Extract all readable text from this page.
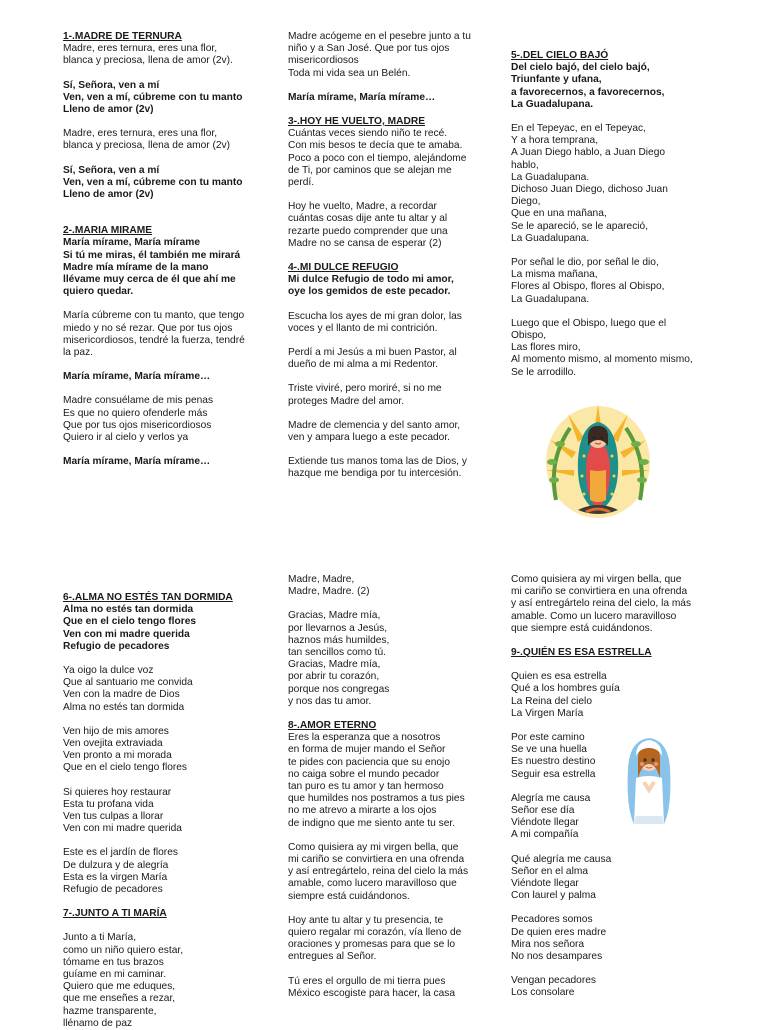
1-.MADRE DE TERNURA
Madre, eres ternura, eres una flor,
blanca y preciosa, llena de amor (2v).
Sí, Señora, ven a mí
Ven, ven a mí, cúbreme con tu manto
Lleno de amor (2v)
Madre, eres ternura, eres una flor,
blanca y preciosa, llena de amor (2v)
Sí, Señora, ven a mí
Ven, ven a mí, cúbreme con tu manto
Lleno de amor (2v)
2-.MARIA MIRAME
María mírame, María mírame
Si tú me miras, él también me mirará
Madre mía mírame de la mano
llévame muy cerca de él que ahí me
quiero quedar.
María cúbreme con tu manto, que tengo
miedo y no sé rezar. Que por tus ojos
misericordiosos, tendré la fuerza, tendré
la paz.
María mírame, María mírame…
Madre consuélame de mis penas
Es que no quiero ofenderle más
Que por tus ojos misericordiosos
Quiero ir al cielo y verlos ya
María mírame, María mírame…
Madre acógeme en el pesebre junto a tu
niño y a San José. Que por tus ojos
misericordiosos
Toda mi vida sea un Belén.
María mírame, María mírame…
3-.HOY HE VUELTO, MADRE
Cuántas veces siendo niño te recé.
Con mis besos te decía que te amaba.
Poco a poco con el tiempo, alejándome
de Ti, por caminos que se alejan me
perdí.
Hoy he vuelto, Madre, a recordar
cuántas cosas dije ante tu altar y al
rezarte puedo comprender que una
Madre no se cansa de esperar (2)
4-.MI DULCE REFUGIO
Mi dulce Refugio de todo mi amor,
oye los gemidos de este pecador.
Escucha los ayes de mi gran dolor, las
voces y el llanto de mi contrición.
Perdí a mi Jesús a mi buen Pastor, al
dueño de mi alma a mi Redentor.
Triste viviré, pero moriré, si no me
proteges Madre del amor.
Madre de clemencia y del santo amor,
ven y ampara luego a este pecador.
Extiende tus manos toma las de Dios, y
hazque me bendiga por tu intercesión.
5-.DEL CIELO BAJÓ
Del cielo bajó, del cielo bajó,
Triunfante y ufana,
a favorecernos, a favorecernos,
La Guadalupana.
En el Tepeyac, en el Tepeyac,
Y a hora temprana,
A Juan Diego hablo, a Juan Diego
hablo,
La Guadalupana.
Dichoso Juan Diego, dichoso Juan
Diego,
Que en una mañana,
Se le apareció, se le apareció,
La Guadalupana.
Por señal le dio, por señal le dio,
La misma mañana,
Flores al Obispo, flores al Obispo,
La Guadalupana.
Luego que el Obispo, luego que el
Obispo,
Las flores miro,
Al momento mismo, al momento mismo,
Se le arrodillo.
6-.ALMA NO ESTÉS TAN DORMIDA
Alma no estés tan dormida
Que en el cielo tengo flores
Ven con mi madre querida
Refugio de pecadores
Ya oigo la dulce voz
Que al santuario me convida
Ven con la madre de Dios
Alma no estés tan dormida
Ven hijo de mis amores
Ven ovejita extraviada
Ven pronto a mi morada
Que en el cielo tengo flores
Si quieres hoy restaurar
Esta tu profana vida
Ven tus culpas a llorar
Ven con mi madre querida
Este es el jardín de flores
De dulzura y de alegría
Esta es la virgen María
Refugio de pecadores
7-.JUNTO A TI MARÍA
Junto a ti María,
como un niño quiero estar,
tómame en tus brazos
guíame en mi caminar.
Quiero que me eduques,
que me enseñes a rezar,
hazme transparente,
llénamo de paz
Madre, Madre,
Madre, Madre. (2)
Gracias, Madre mía,
por llevarnos a Jesús,
haznos más humildes,
tan sencillos como tú.
Gracias, Madre mía,
por abrir tu corazón,
porque nos congregas
y nos das tu amor.
8-.AMOR ETERNO
Eres la esperanza que a nosotros
en forma de mujer mando el Señor
te pides con paciencia que su enojo
no caiga sobre el mundo pecador
tan puro es tu amor y tan hermoso
que humildes nos postramos a tus pies
no me atrevo a mirarte a los ojos
de indigno que me siento ante tu ser.
Como quisiera ay mi virgen bella, que
mi cariño se convirtiera en una ofrenda
y así entregártelo, reina del cielo la más
amable, como lucero maravilloso que
siempre está cuidándonos.
Hoy ante tu altar y tu presencia, te
quiero regalar mi corazón, vía lleno de
oraciones y promesas para que se lo
entregues al Señor.
Tú eres el orgullo de mi tierra pues
México escogiste para hacer, la casa
Como quisiera ay mi virgen bella, que
mi cariño se convirtiera en una ofrenda
y así entregártelo reina del cielo, la más
amable. Como un lucero maravilloso
que siempre está cuidándonos.
9-.QUIÉN ES ESA ESTRELLA
Quien es esa estrella
Qué a los hombres guía
La Reina del cielo
La Virgen María
Por este camino
Se ve una huella
Es nuestro destino
Seguir esa estrella
Alegría me causa
Señor ese día
Viéndote llegar
A mi compañía
Qué alegría me causa
Señor en el alma
Viéndote llegar
Con laurel y palma
Pecadores somos
De quien eres madre
Mira nos señora
No nos desampares
Vengan pecadores
Los consolare
